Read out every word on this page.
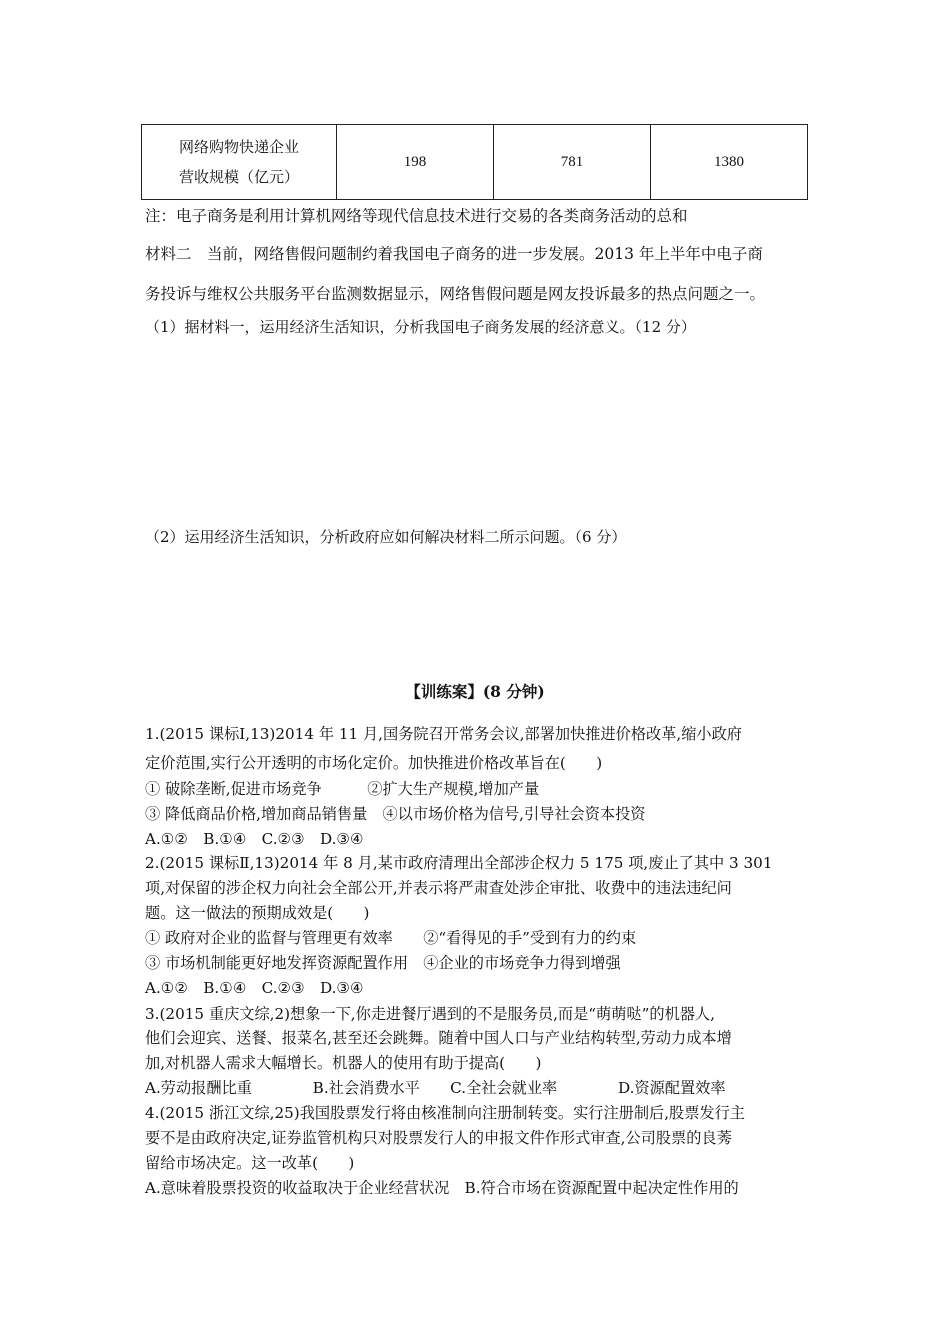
网络购物快递企业
营收规模（亿元）
	198	781	1380
注：电子商务是利用计算机网络等现代信息技术进行交易的各类商务活动的总和
材料二　当前，网络售假问题制约着我国电子商务的进一步发展。2013 年上半年中电子商
务投诉与维权公共服务平台监测数据显示，网络售假问题是网友投诉最多的热点问题之一。
（1）据材料一，运用经济生活知识，分析我国电子商务发展的经济意义。（12 分）
（2）运用经济生活知识，分析政府应如何解决材料二所示问题。（6 分）
【训练案】(8 分钟)
1.(2015 课标Ⅰ,13)2014 年 11 月,国务院召开常务会议,部署加快推进价格改革,缩小政府
定价范围,实行公开透明的市场化定价。加快推进价格改革旨在(　　)
① 破除垄断,促进市场竞争　　　②扩大生产规模,增加产量
③ 降低商品价格,增加商品销售量　④以市场价格为信号,引导社会资本投资
A.①②　B.①④　C.②③　D.③④
2.(2015 课标Ⅱ,13)2014 年 8 月,某市政府清理出全部涉企权力 5 175 项,废止了其中 3 301
项,对保留的涉企权力向社会全部公开,并表示将严肃查处涉企审批、收费中的违法违纪问
题。这一做法的预期成效是(　　)
① 政府对企业的监督与管理更有效率　　②“看得见的手”受到有力的约束
③ 市场机制能更好地发挥资源配置作用　④企业的市场竞争力得到增强
A.①②　B.①④　C.②③　D.③④
3.(2015 重庆文综,2)想象一下,你走进餐厅遇到的不是服务员,而是“萌萌哒”的机器人,
他们会迎宾、送餐、报菜名,甚至还会跳舞。随着中国人口与产业结构转型,劳动力成本增
加,对机器人需求大幅增长。机器人的使用有助于提高(　　)
A.劳动报酬比重　　　　B.社会消费水平　　C.全社会就业率　　　　D.资源配置效率
4.(2015 浙江文综,25)我国股票发行将由核准制向注册制转变。实行注册制后,股票发行主
要不是由政府决定,证券监管机构只对股票发行人的申报文件作形式审查,公司股票的良莠
留给市场决定。这一改革(　　)
A.意味着股票投资的收益取决于企业经营状况　B.符合市场在资源配置中起决定性作用的
